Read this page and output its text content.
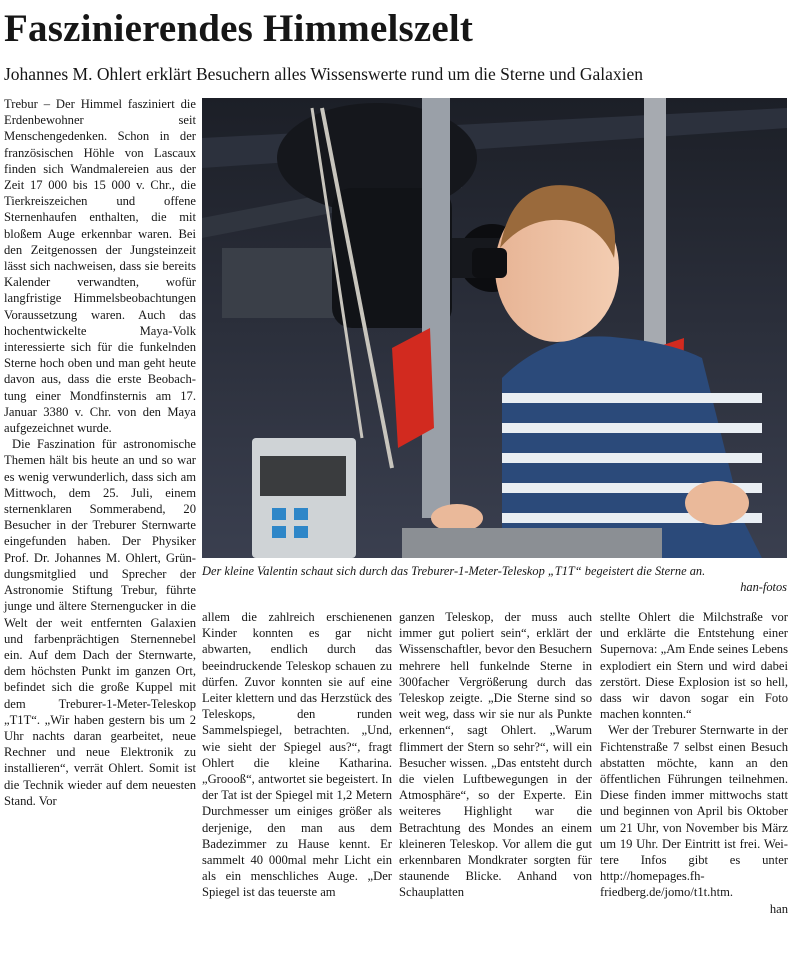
Faszinierendes Himmelszelt

Johannes M. Ohlert erklärt Besuchern alles Wissenswerte rund um die Sterne und Galaxien

Trebur – Der Himmel fasziniert die Erdenbewohner seit Menschengedenken. Schon in der französischen Höhle von Lascaux finden sich Wandmalereien aus der Zeit 17 000 bis 15 000 v. Chr., die Tierkreiszeichen und offene Sternenhaufen enthalten, die mit bloßem Auge erkennbar waren. Bei den Zeitgenossen der Jungsteinzeit lässt sich nachweisen, dass sie bereits Kalender verwandten, wofür langfristige Himmelsbeobachtungen Voraussetzung waren. Auch das hochentwickelte Maya-Volk interessierte sich für die funkelnden Sterne hoch oben und man geht heute davon aus, dass die erste Beobachtung einer Mondfinsternis am 17. Januar 3380 v. Chr. von den Maya aufgezeichnet wurde.

Die Faszination für astronomische Themen hält bis heute an und so war es wenig verwunderlich, dass sich am Mittwoch, dem 25. Juli, einem sternenklaren Sommerabend, 20 Besucher in der Treburer Sternwarte eingefunden haben. Der Physiker Prof. Dr. Johannes M. Ohlert, Gründungsmitglied und Sprecher der Astronomie Stiftung Trebur, führte junge und ältere Sternengucker in die Welt der weit entfernten Galaxien und farbenprächtigen Sternennebel ein. Auf dem Dach der Sternwarte, dem höchsten Punkt im ganzen Ort, befindet sich die große Kuppel mit dem Treburer-1-Meter-Teleskop „T1T“. „Wir haben gestern bis um 2 Uhr nachts daran gearbeitet, neue Rechner und neue Elektronik zu installieren“, verrät Ohlert. Somit ist die Technik wieder auf dem neuesten Stand. Vor

Der kleine Valentin schaut sich durch das Treburer-1-Meter-Teleskop „T1T“ begeistert die Sterne an.

han-fotos

allem die zahlreich erschienenen Kinder konnten es gar nicht abwarten, endlich durch das beeindruckende Teleskop schauen zu dürfen. Zuvor konnten sie auf eine Leiter klettern und das Herzstück des Teleskops, den runden Sammelspiegel, betrachten. „Und, wie sieht der Spiegel aus?“, fragt Ohlert die kleine Katharina. „Groooß“, antwortet sie begeistert. In der Tat ist der Spiegel mit 1,2 Metern Durchmesser um einiges größer als derjenige, den man aus dem Badezimmer zu Hause kennt. Er sammelt 40 000mal mehr Licht ein als ein menschliches Auge. „Der Spiegel ist das teuerste am

ganzen Teleskop, der muss auch immer gut poliert sein“, erklärt der Wissenschaftler, bevor den Besuchern mehrere hell funkelnde Sterne in 300facher Vergrößerung durch das Teleskop zeigte. „Die Sterne sind so weit weg, dass wir sie nur als Punkte erkennen“, sagt Ohlert. „Warum flimmert der Stern so sehr?“, will ein Besucher wissen. „Das entsteht durch die vielen Luftbewegungen in der Atmosphäre“, so der Experte. Ein weiteres Highlight war die Betrachtung des Mondes an einem kleineren Teleskop. Vor allem die gut erkennbaren Mondkrater sorgten für staunende Blicke. Anhand von Schauplatten

stellte Ohlert die Milchstraße vor und erklärte die Entstehung einer Supernova: „Am Ende seines Lebens explodiert ein Stern und wird dabei zerstört. Diese Explosion ist so hell, dass wir davon sogar ein Foto machen konnten.“

Wer der Treburer Sternwarte in der Fichtenstraße 7 selbst einen Besuch abstatten möchte, kann an den öffentlichen Führungen teilnehmen. Diese finden immer mittwochs statt und beginnen von April bis Oktober um 21 Uhr, von November bis März um 19 Uhr. Der Eintritt ist frei. Weitere Infos gibt es unter http://homepages.fh-friedberg.de/jomo/t1t.htm.

han
